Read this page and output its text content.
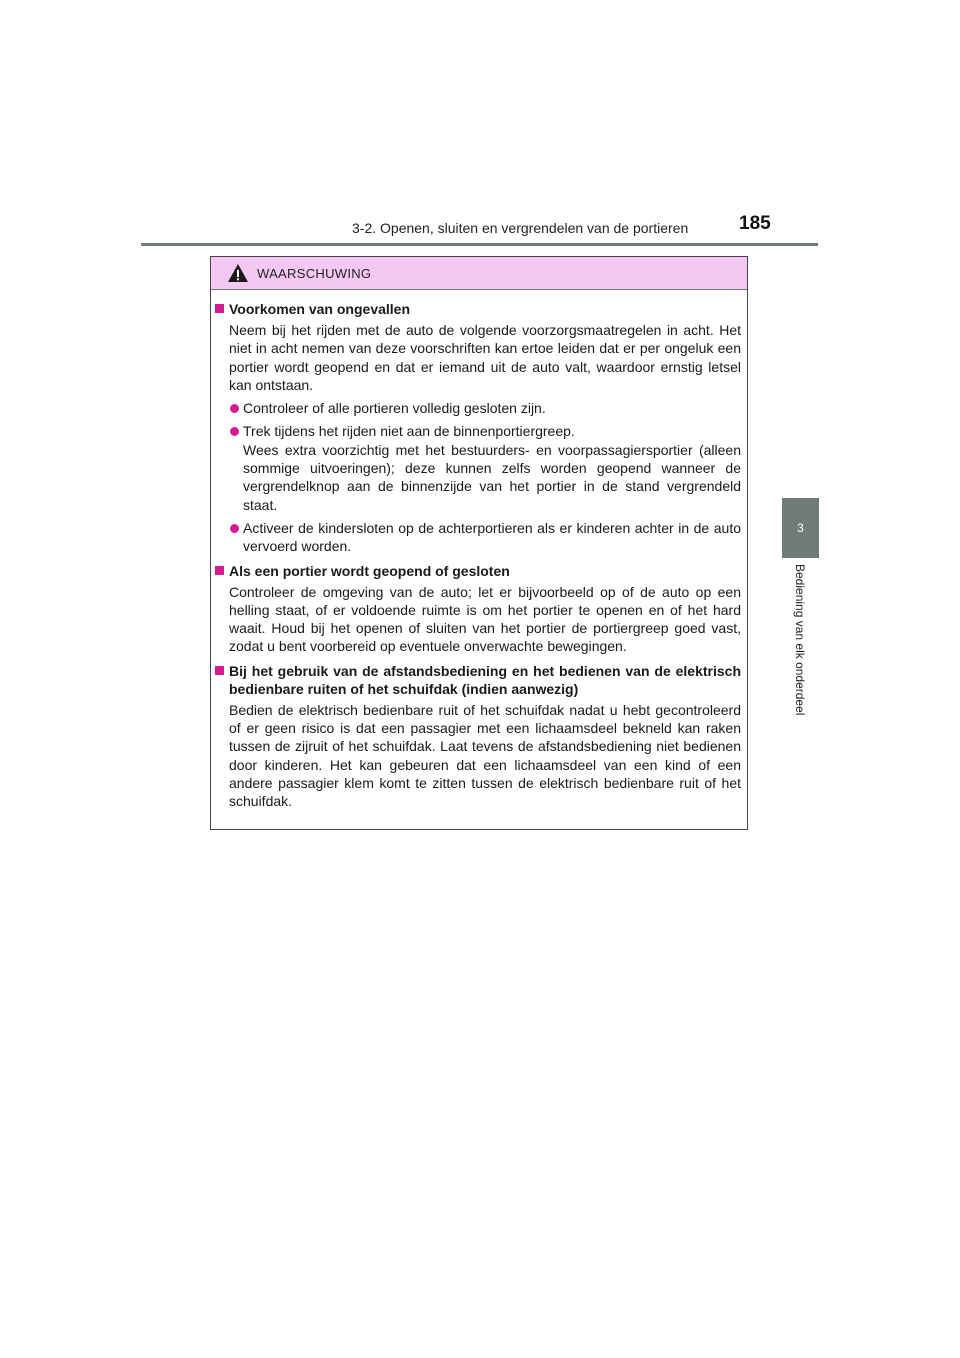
3-2. Openen, sluiten en vergrendelen van de portieren	185
3
Bediening van elk onderdeel
WAARSCHUWING
Voorkomen van ongevallen
Neem bij het rijden met de auto de volgende voorzorgsmaatregelen in acht. Het niet in acht nemen van deze voorschriften kan ertoe leiden dat er per ongeluk een portier wordt geopend en dat er iemand uit de auto valt, waardoor ernstig letsel kan ontstaan.
Controleer of alle portieren volledig gesloten zijn.
Trek tijdens het rijden niet aan de binnenportiergreep.
Wees extra voorzichtig met het bestuurders- en voorpassagiersportier (alleen sommige uitvoeringen); deze kunnen zelfs worden geopend wanneer de vergrendelknop aan de binnenzijde van het portier in de stand vergrendeld staat.
Activeer de kindersloten op de achterportieren als er kinderen achter in de auto vervoerd worden.
Als een portier wordt geopend of gesloten
Controleer de omgeving van de auto; let er bijvoorbeeld op of de auto op een helling staat, of er voldoende ruimte is om het portier te openen en of het hard waait. Houd bij het openen of sluiten van het portier de portiergreep goed vast, zodat u bent voorbereid op eventuele onverwachte bewegingen.
Bij het gebruik van de afstandsbediening en het bedienen van de elektrisch bedienbare ruiten of het schuifdak (indien aanwezig)
Bedien de elektrisch bedienbare ruit of het schuifdak nadat u hebt gecontroleerd of er geen risico is dat een passagier met een lichaamsdeel bekneld kan raken tussen de zijruit of het schuifdak. Laat tevens de afstandsbediening niet bedienen door kinderen. Het kan gebeuren dat een lichaamsdeel van een kind of een andere passagier klem komt te zitten tussen de elektrisch bedienbare ruit of het schuifdak.
